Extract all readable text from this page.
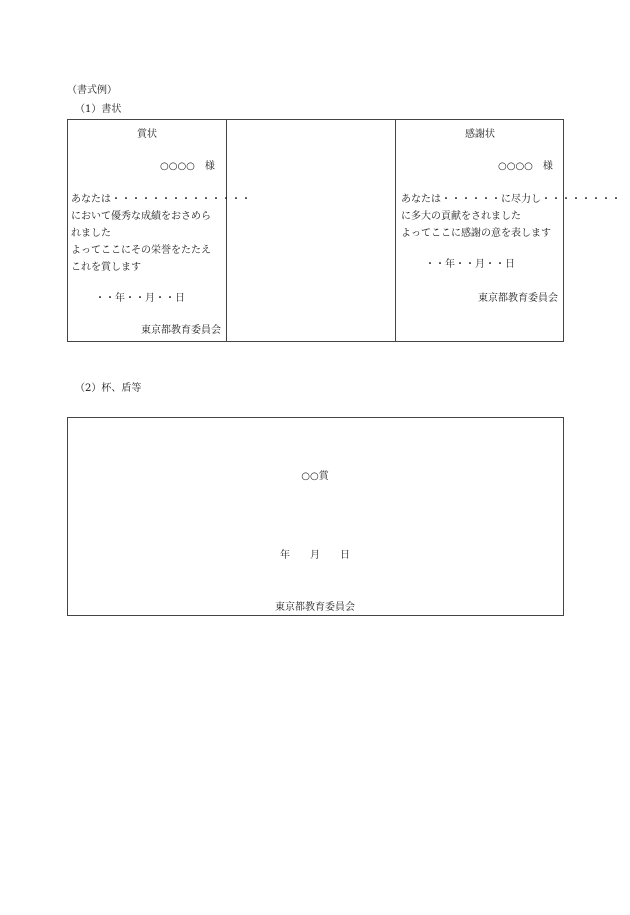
（書式例）
（1）書状
賞状
○○○○　様
あなたは・・・・・・・・・・・・・・
において優秀な成績をおさめら
れました
よってここにその栄誉をたたえ
これを賞します
・・年・・月・・日
東京都教育委員会
感謝状
○○○○　様
あなたは・・・・・・に尽力し・・・・・・・・
に多大の貢献をされました
よってここに感謝の意を表します
・・年・・月・・日
東京都教育委員会
（2）杯、盾等
○○賞
年　　月　　日
東京都教育委員会
